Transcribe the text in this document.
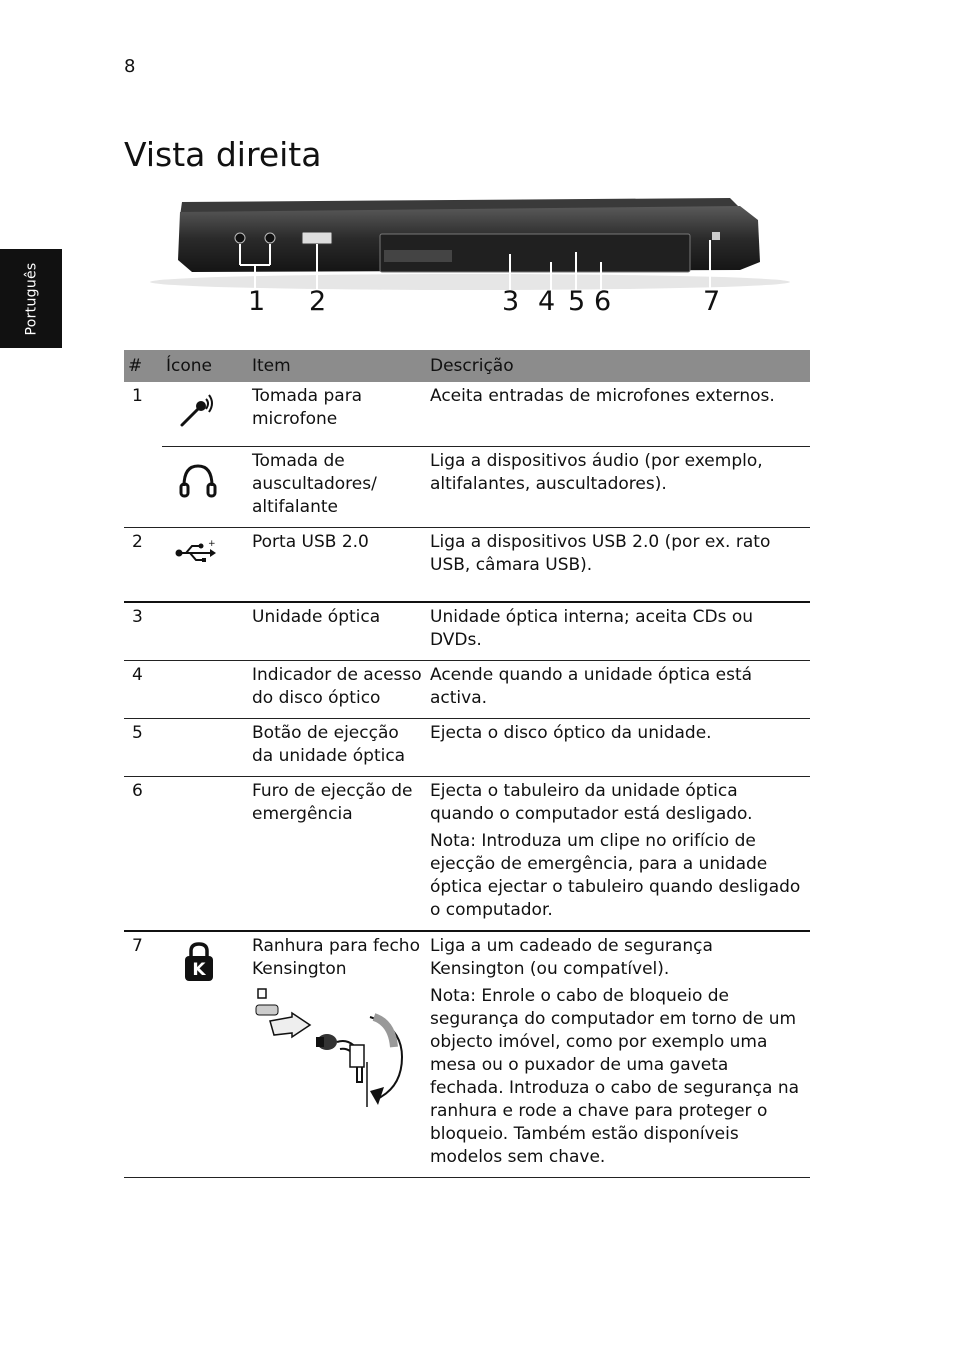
8
Português
Vista direita
1 2	3 4 5 6	7
#	Ícone	Item	Descrição
1		Tomada para microfone	Aceita entradas de microfones externos.
		Tomada de auscultadores/ altifalante	Liga a dispositivos áudio (por exemplo, altifalantes, auscultadores).
2	+	Porta USB 2.0	Liga a dispositivos USB 2.0 (por ex. rato USB, câmara USB).
3		Unidade óptica	Unidade óptica interna; aceita CDs ou DVDs.
4		Indicador de acesso do disco óptico	Acende quando a unidade óptica está activa.
5		Botão de ejecção da unidade óptica	Ejecta o disco óptico da unidade.
6		Furo de ejecção de emergência	Ejecta o tabuleiro da unidade óptica quando o computador está desligado.
Nota: Introduza um clipe no orifício de ejecção de emergência, para a unidade óptica ejectar o tabuleiro quando desligado o computador.

7	K	Ranhura para fecho Kensington	Liga a um cadeado de segurança Kensington (ou compatível).
Nota: Enrole o cabo de bloqueio de segurança do computador em torno de um objecto imóvel, como por exemplo uma mesa ou o puxador de uma gaveta fechada. Introduza o cabo de segurança na ranhura e rode a chave para proteger o bloqueio. Também estão disponíveis modelos sem chave.
